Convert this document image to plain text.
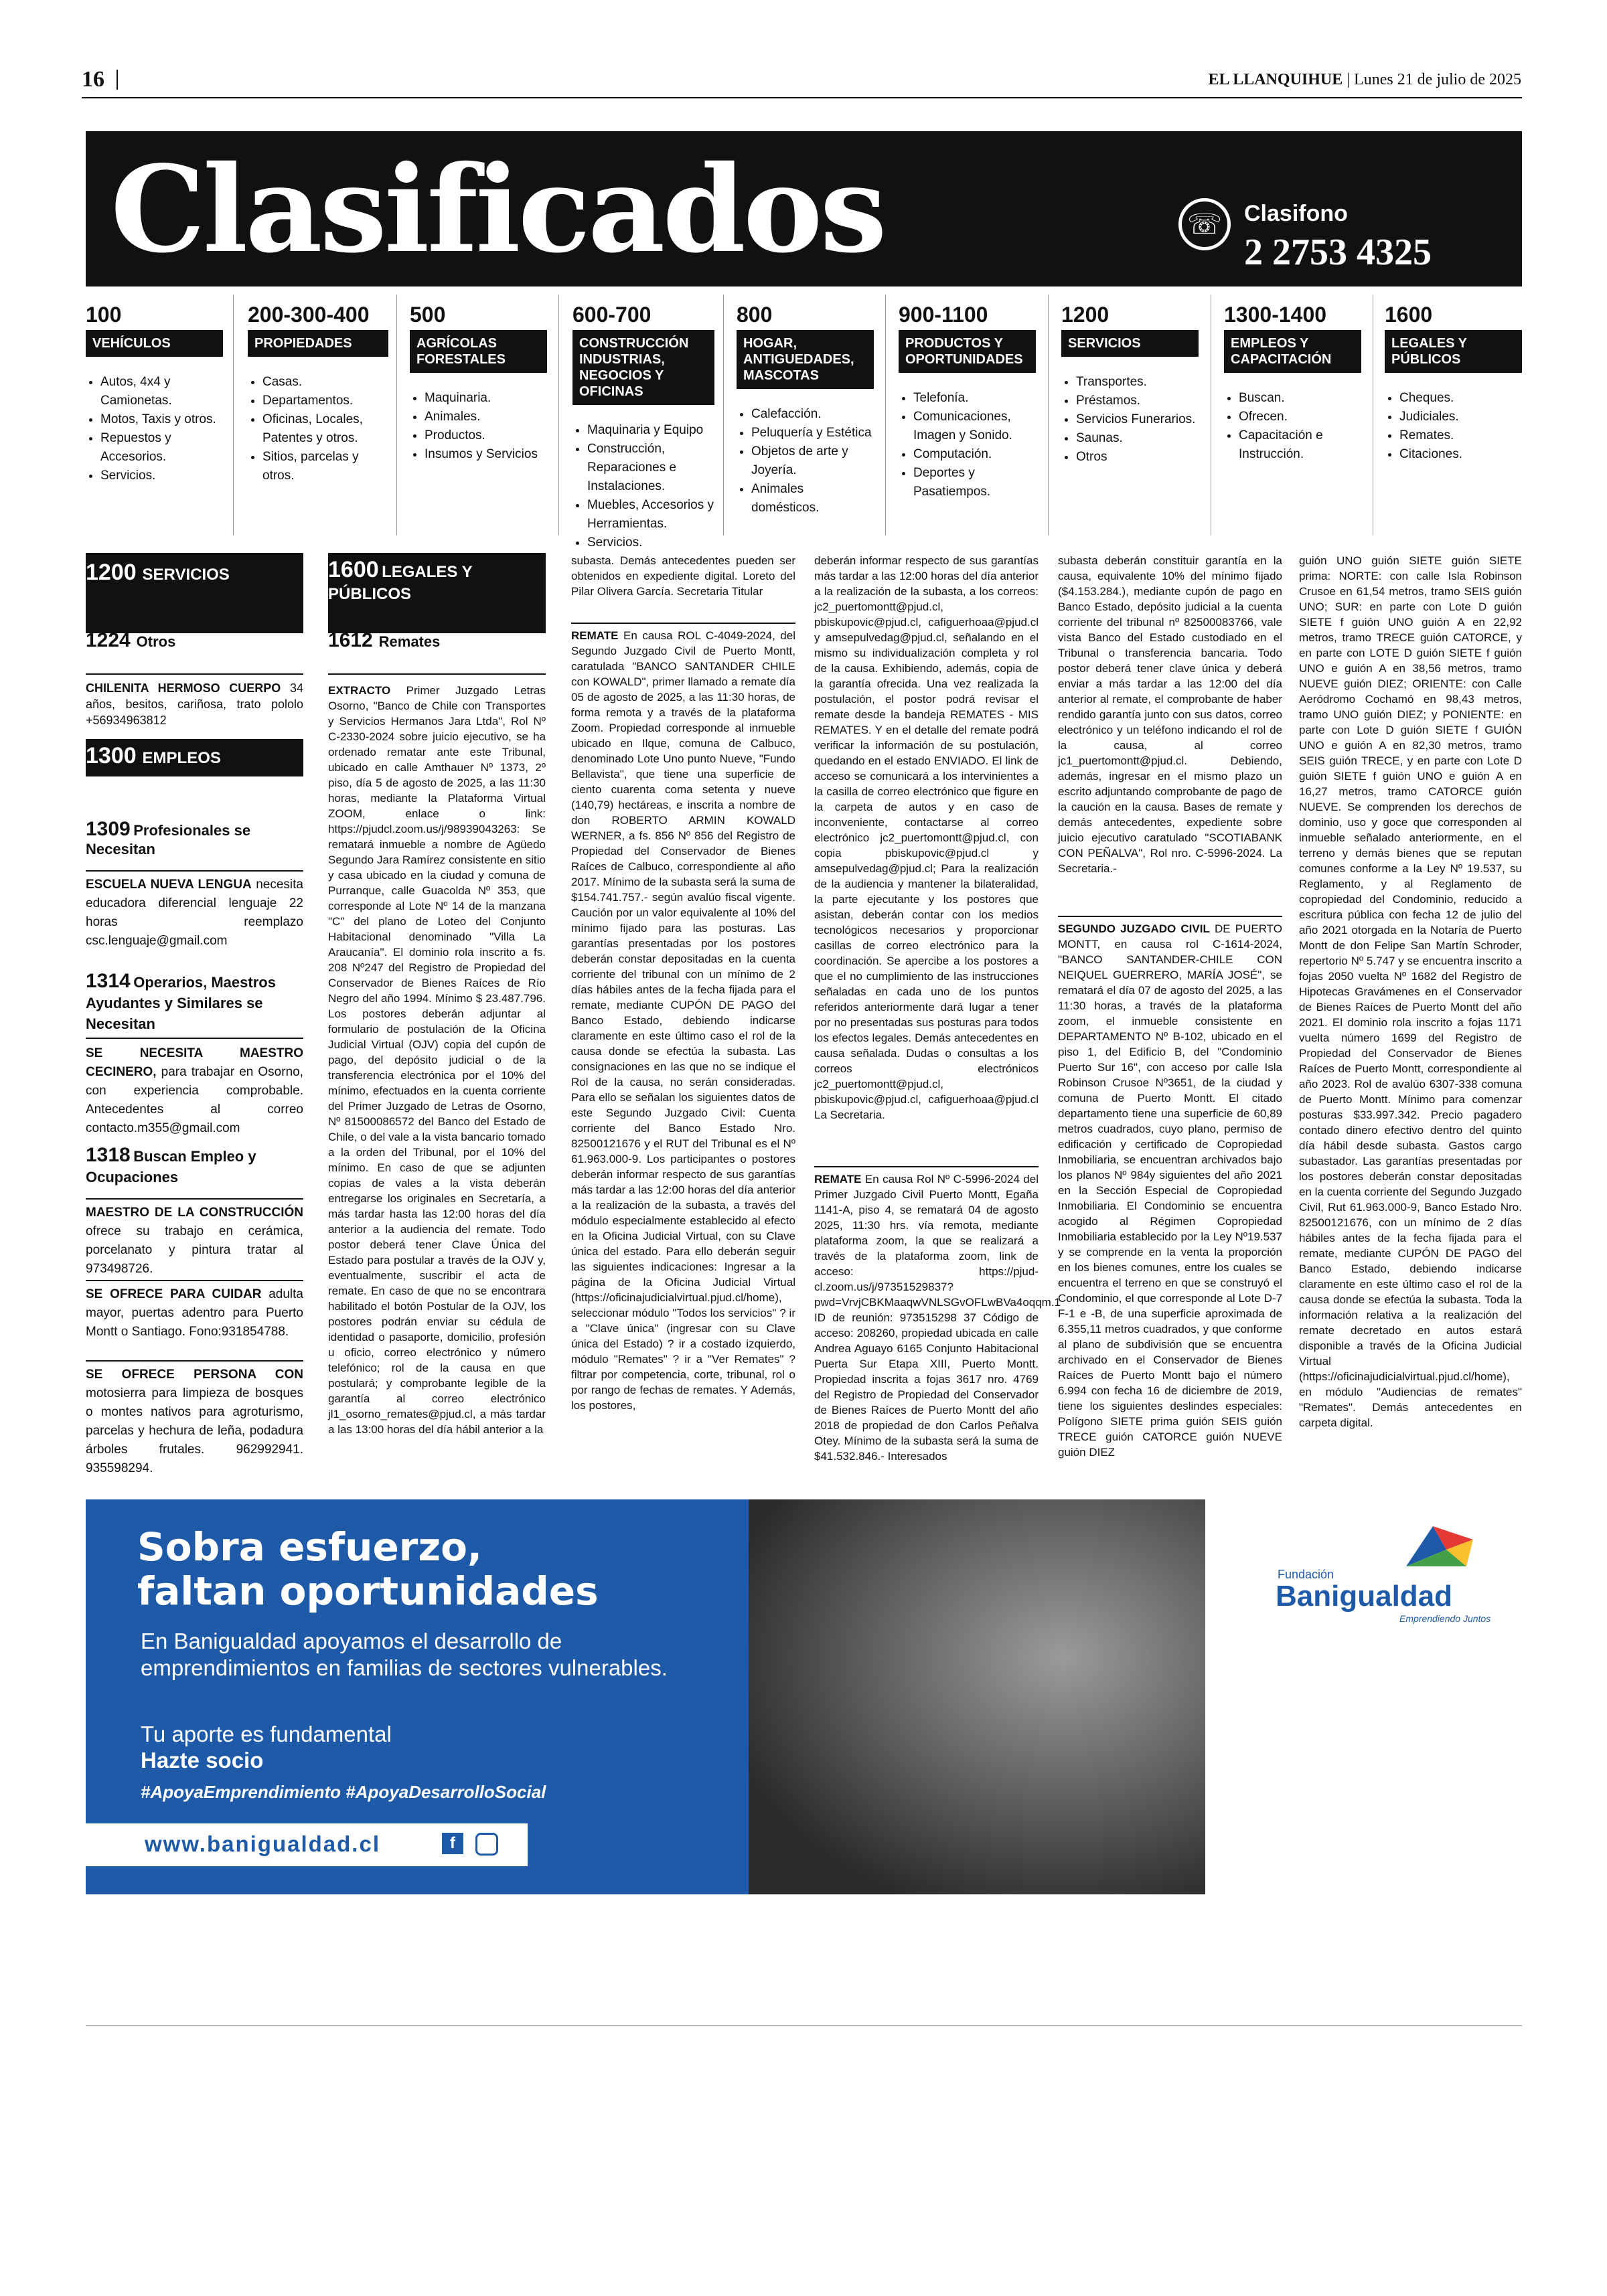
16	EL LLANQUIHUE | Lunes 21 de julio de 2025
Clasificados	☏ Clasifono
2 2753 4325
100
VEHÍCULOS
• Autos, 4x4 y Camionetas.
• Motos, Taxis y otros.
• Repuestos y Accesorios.
• Servicios.
200-300-400
PROPIEDADES
• Casas.
• Departamentos.
• Oficinas, Locales, Patentes y otros.
• Sitios, parcelas y otros.
500
AGRÍCOLAS FORESTALES
• Maquinaria.
• Animales.
• Productos.
• Insumos y Servicios
600-700
CONSTRUCCIÓN INDUSTRIAS, NEGOCIOS Y OFICINAS
• Maquinaria y Equipo
• Construcción, Reparaciones e Instalaciones.
• Muebles, Accesorios y Herramientas.
• Servicios.
800
HOGAR, ANTIGUEDADES, MASCOTAS
• Calefacción.
• Peluquería y Estética
• Objetos de arte y Joyería.
• Animales domésticos.
900-1100
PRODUCTOS Y OPORTUNIDADES
• Telefonía.
• Comunicaciones, Imagen y Sonido.
• Computación.
• Deportes y Pasatiempos.
1200
SERVICIOS
• Transportes.
• Préstamos.
• Servicios Funerarios.
• Saunas.
• Otros
1300-1400
EMPLEOS Y CAPACITACIÓN
• Buscan.
• Ofrecen.
• Capacitación e Instrucción.
1600
LEGALES Y PÚBLICOS
• Cheques.
• Judiciales.
• Remates.
• Citaciones.
1200 SERVICIOS
1224 Otros
CHILENITA HERMOSO CUERPO 34 años, besitos, cariñosa, trato pololo +56934963812
1300 EMPLEOS
1309 Profesionales se Necesitan
ESCUELA NUEVA LENGUA necesita educadora diferencial lenguaje 22 horas reemplazo csc.lenguaje@gmail.com
1314 Operarios, Maestros Ayudantes y Similares se Necesitan
SE NECESITA MAESTRO CECINERO, para trabajar en Osorno, con experiencia comprobable. Antecedentes al correo contacto.m355@gmail.com
1318 Buscan Empleo y Ocupaciones
MAESTRO DE LA CONSTRUCCIÓN ofrece su trabajo en cerámica, porcelanato y pintura tratar al 973498726.
SE OFRECE PARA CUIDAR adulta mayor, puertas adentro para Puerto Montt o Santiago. Fono:931854788.
SE OFRECE PERSONA CON motosierra para limpieza de bosques o montes nativos para agroturismo, parcelas y hechura de leña, podadura árboles frutales. 962992941. 935598294.
1600 LEGALES Y PÚBLICOS
1612 Remates
EXTRACTO Primer Juzgado Letras Osorno, "Banco de Chile con Transportes y Servicios Hermanos Jara Ltda", Rol Nº C-2330-2024 sobre juicio ejecutivo, se ha ordenado rematar ante este Tribunal, ubicado en calle Amthauer Nº 1373, 2º piso, día 5 de agosto de 2025, a las 11:30 horas, mediante la Plataforma Virtual ZOOM, enlace o link: https://pjudcl.zoom.us/j/98939043263: Se rematará inmueble a nombre de Agüedo Segundo Jara Ramírez consistente en sitio y casa ubicado en la ciudad y comuna de Purranque, calle Guacolda Nº 353, que corresponde al Lote Nº 14 de la manzana "C" del plano de Loteo del Conjunto Habitacional denominado "Villa La Araucanía". El dominio rola inscrito a fs. 208 Nº247 del Registro de Propiedad del Conservador de Bienes Raíces de Río Negro del año 1994. Mínimo $ 23.487.796. Los postores deberán adjuntar al formulario de postulación de la Oficina Judicial Virtual (OJV) copia del cupón de pago, del depósito judicial o de la transferencia electrónica por el 10% del mínimo, efectuados en la cuenta corriente del Primer Juzgado de Letras de Osorno, Nº 81500086572 del Banco del Estado de Chile, o del vale a la vista bancario tomado a la orden del Tribunal, por el 10% del mínimo. En caso de que se adjunten copias de vales a la vista deberán entregarse los originales en Secretaría, a más tardar hasta las 12:00 horas del día anterior a la audiencia del remate. Todo postor deberá tener Clave Única del Estado para postular a través de la OJV y, eventualmente, suscribir el acta de remate. En caso de que no se encontrara habilitado el botón Postular de la OJV, los postores podrán enviar su cédula de identidad o pasaporte, domicilio, profesión u oficio, correo electrónico y número telefónico; rol de la causa en que postulará; y comprobante legible de la garantía al correo electrónico jl1_osorno_remates@pjud.cl, a más tardar a las 13:00 horas del día hábil anterior a la
subasta. Demás antecedentes pueden ser obtenidos en expediente digital. Loreto del Pilar Olivera García. Secretaria Titular
REMATE En causa ROL C-4049-2024, del Segundo Juzgado Civil de Puerto Montt, caratulada "BANCO SANTANDER CHILE con KOWALD", primer llamado a remate día 05 de agosto de 2025, a las 11:30 horas, de forma remota y a través de la plataforma Zoom. Propiedad corresponde al inmueble ubicado en Ilque, comuna de Calbuco, denominado Lote Uno punto Nueve, "Fundo Bellavista", que tiene una superficie de ciento cuarenta coma setenta y nueve (140,79) hectáreas, e inscrita a nombre de don ROBERTO ARMIN KOWALD WERNER, a fs. 856 Nº 856 del Registro de Propiedad del Conservador de Bienes Raíces de Calbuco, correspondiente al año 2017. Mínimo de la subasta será la suma de $154.741.757.- según avalúo fiscal vigente. Caución por un valor equivalente al 10% del mínimo fijado para las posturas. Las garantías presentadas por los postores deberán constar depositadas en la cuenta corriente del tribunal con un mínimo de 2 días hábiles antes de la fecha fijada para el remate, mediante CUPÓN DE PAGO del Banco Estado, debiendo indicarse claramente en este último caso el rol de la causa donde se efectúa la subasta. Las consignaciones en las que no se indique el Rol de la causa, no serán consideradas. Para ello se señalan los siguientes datos de este Segundo Juzgado Civil: Cuenta corriente del Banco Estado Nro. 82500121676 y el RUT del Tribunal es el Nº 61.963.000-9. Los participantes o postores deberán informar respecto de sus garantías más tardar a las 12:00 horas del día anterior a la realización de la subasta, a través del módulo especialmente establecido al efecto en la Oficina Judicial Virtual, con su Clave única del estado. Para ello deberán seguir las siguientes indicaciones: Ingresar a la página de la Oficina Judicial Virtual (https://oficinajudicialvirtual.pjud.cl/home), seleccionar módulo "Todos los servicios" ? ir a "Clave única" (ingresar con su Clave única del Estado) ? ir a costado izquierdo, módulo "Remates" ? ir a "Ver Remates" ? filtrar por competencia, corte, tribunal, rol o por rango de fechas de remates. Y Además, los postores,
deberán informar respecto de sus garantías más tardar a las 12:00 horas del día anterior a la realización de la subasta, a los correos: jc2_puertomontt@pjud.cl, pbiskupovic@pjud.cl, cafiguerhoaa@pjud.cl y amsepulvedag@pjud.cl, señalando en el mismo su individualización completa y rol de la causa. Exhibiendo, además, copia de la garantía ofrecida. Una vez realizada la postulación, el postor podrá revisar el remate desde la bandeja REMATES - MIS REMATES. Y en el detalle del remate podrá verificar la información de su postulación, quedando en el estado ENVIADO. El link de acceso se comunicará a los intervinientes a la casilla de correo electrónico que figure en la carpeta de autos y en caso de inconveniente, contactarse al correo electrónico jc2_puertomontt@pjud.cl, con copia pbiskupovic@pjud.cl y amsepulvedag@pjud.cl; Para la realización de la audiencia y mantener la bilateralidad, la parte ejecutante y los postores que asistan, deberán contar con los medios tecnológicos necesarios y proporcionar casillas de correo electrónico para la coordinación. Se apercibe a los postores a que el no cumplimiento de las instrucciones señaladas en cada uno de los puntos referidos anteriormente dará lugar a tener por no presentadas sus posturas para todos los efectos legales. Demás antecedentes en causa señalada. Dudas o consultas a los correos electrónicos jc2_puertomontt@pjud.cl, pbiskupovic@pjud.cl, cafiguerhoaa@pjud.cl La Secretaria.
REMATE En causa Rol Nº C-5996-2024 del Primer Juzgado Civil Puerto Montt, Egaña 1141-A, piso 4, se rematará 04 de agosto 2025, 11:30 hrs. vía remota, mediante plataforma zoom, la que se realizará a través de la plataforma zoom, link de acceso: https://pjud-cl.zoom.us/j/97351529837?pwd=VrvjCBKMaaqwVNLSGvOFLwBVa4oqqm.1 ID de reunión: 973515298 37 Código de acceso: 208260, propiedad ubicada en calle Andrea Aguayo 6165 Conjunto Habitacional Puerta Sur Etapa XIII, Puerto Montt. Propiedad inscrita a fojas 3617 nro. 4769 del Registro de Propiedad del Conservador de Bienes Raíces de Puerto Montt del año 2018 de propiedad de don Carlos Peñalva Otey. Mínimo de la subasta será la suma de $41.532.846.- Interesados
subasta deberán constituir garantía en la causa, equivalente 10% del mínimo fijado ($4.153.284.), mediante cupón de pago en Banco Estado, depósito judicial a la cuenta corriente del tribunal nº 82500083766, vale vista Banco del Estado custodiado en el Tribunal o transferencia bancaria. Todo postor deberá tener clave única y deberá enviar a más tardar a las 12:00 del día anterior al remate, el comprobante de haber rendido garantía junto con sus datos, correo electrónico y un teléfono indicando el rol de la causa, al correo jc1_puertomontt@pjud.cl. Debiendo, además, ingresar en el mismo plazo un escrito adjuntando comprobante de pago de la caución en la causa. Bases de remate y demás antecedentes, expediente sobre juicio ejecutivo caratulado "SCOTIABANK CON PEÑALVA", Rol nro. C-5996-2024. La Secretaria.-
SEGUNDO JUZGADO CIVIL DE PUERTO MONTT, en causa rol C-1614-2024, "BANCO SANTANDER-CHILE CON NEIQUEL GUERRERO, MARÍA JOSÉ", se rematará el día 07 de agosto del 2025, a las 11:30 horas, a través de la plataforma zoom, el inmueble consistente en DEPARTAMENTO Nº B-102, ubicado en el piso 1, del Edificio B, del "Condominio Puerto Sur 16", con acceso por calle Isla Robinson Crusoe Nº3651, de la ciudad y comuna de Puerto Montt. El citado departamento tiene una superficie de 60,89 metros cuadrados, cuyo plano, permiso de edificación y certificado de Copropiedad Inmobiliaria, se encuentran archivados bajo los planos Nº 984y siguientes del año 2021 en la Sección Especial de Copropiedad Inmobiliaria. El Condominio se encuentra acogido al Régimen Copropiedad Inmobiliaria establecido por la Ley Nº19.537 y se comprende en la venta la proporción en los bienes comunes, entre los cuales se encuentra el terreno en que se construyó el Condominio, el que corresponde al Lote D-7 F-1 e -B, de una superficie aproximada de 6.355,11 metros cuadrados, y que conforme al plano de subdivisión que se encuentra archivado en el Conservador de Bienes Raíces de Puerto Montt bajo el número 6.994 con fecha 16 de diciembre de 2019, tiene los siguientes deslindes especiales: Polígono SIETE prima guión SEIS guión TRECE guión CATORCE guión NUEVE guión DIEZ
guión UNO guión SIETE guión SIETE prima: NORTE: con calle Isla Robinson Crusoe en 61,54 metros, tramo SEIS guión UNO; SUR: en parte con Lote D guión SIETE f guión UNO guión A en 22,92 metros, tramo TRECE guión CATORCE, y en parte con LOTE D guión SIETE f guión UNO e guión A en 38,56 metros, tramo NUEVE guión DIEZ; ORIENTE: con Calle Aeródromo Cochamó en 98,43 metros, tramo UNO guión DIEZ; y PONIENTE: en parte con Lote D guión SIETE f GUIÓN UNO e guión A en 82,30 metros, tramo SEIS guión TRECE, y en parte con Lote D guión SIETE f guión UNO e guión A en 16,27 metros, tramo CATORCE guión NUEVE. Se comprenden los derechos de dominio, uso y goce que corresponden al inmueble señalado anteriormente, en el terreno y demás bienes que se reputan comunes conforme a la Ley Nº 19.537, su Reglamento, y al Reglamento de copropiedad del Condominio, reducido a escritura pública con fecha 12 de julio del año 2021 otorgada en la Notaría de Puerto Montt de don Felipe San Martín Schroder, repertorio Nº 5.747 y se encuentra inscrito a fojas 2050 vuelta Nº 1682 del Registro de Hipotecas Gravámenes en el Conservador de Bienes Raíces de Puerto Montt del año 2021. El dominio rola inscrito a fojas 1171 vuelta número 1699 del Registro de Propiedad del Conservador de Bienes Raíces de Puerto Montt, correspondiente al año 2023. Rol de avalúo 6307-338 comuna de Puerto Montt. Mínimo para comenzar posturas $33.997.342. Precio pagadero contado dinero efectivo dentro del quinto día hábil desde subasta. Gastos cargo subastador. Las garantías presentadas por los postores deberán constar depositadas en la cuenta corriente del Segundo Juzgado Civil, Rut 61.963.000-9, Banco Estado Nro. 82500121676, con un mínimo de 2 días hábiles antes de la fecha fijada para el remate, mediante CUPÓN DE PAGO del Banco Estado, debiendo indicarse claramente en este último caso el rol de la causa donde se efectúa la subasta. Toda la información relativa a la realización del remate decretado en autos estará disponible a través de la Oficina Judicial Virtual (https://oficinajudicialvirtual.pjud.cl/home), en módulo "Audiencias de remates" "Remates". Demás antecedentes en carpeta digital.
Sobra esfuerzo,
faltan oportunidades
En Banigualdad apoyamos el desarrollo de emprendimientos en familias de sectores vulnerables.
Tu aporte es fundamental
Hazte socio
#ApoyaEmprendimiento #ApoyaDesarrolloSocial
www.banigualdad.cl	f
Fundación
Banigualdad
Emprendiendo Juntos
